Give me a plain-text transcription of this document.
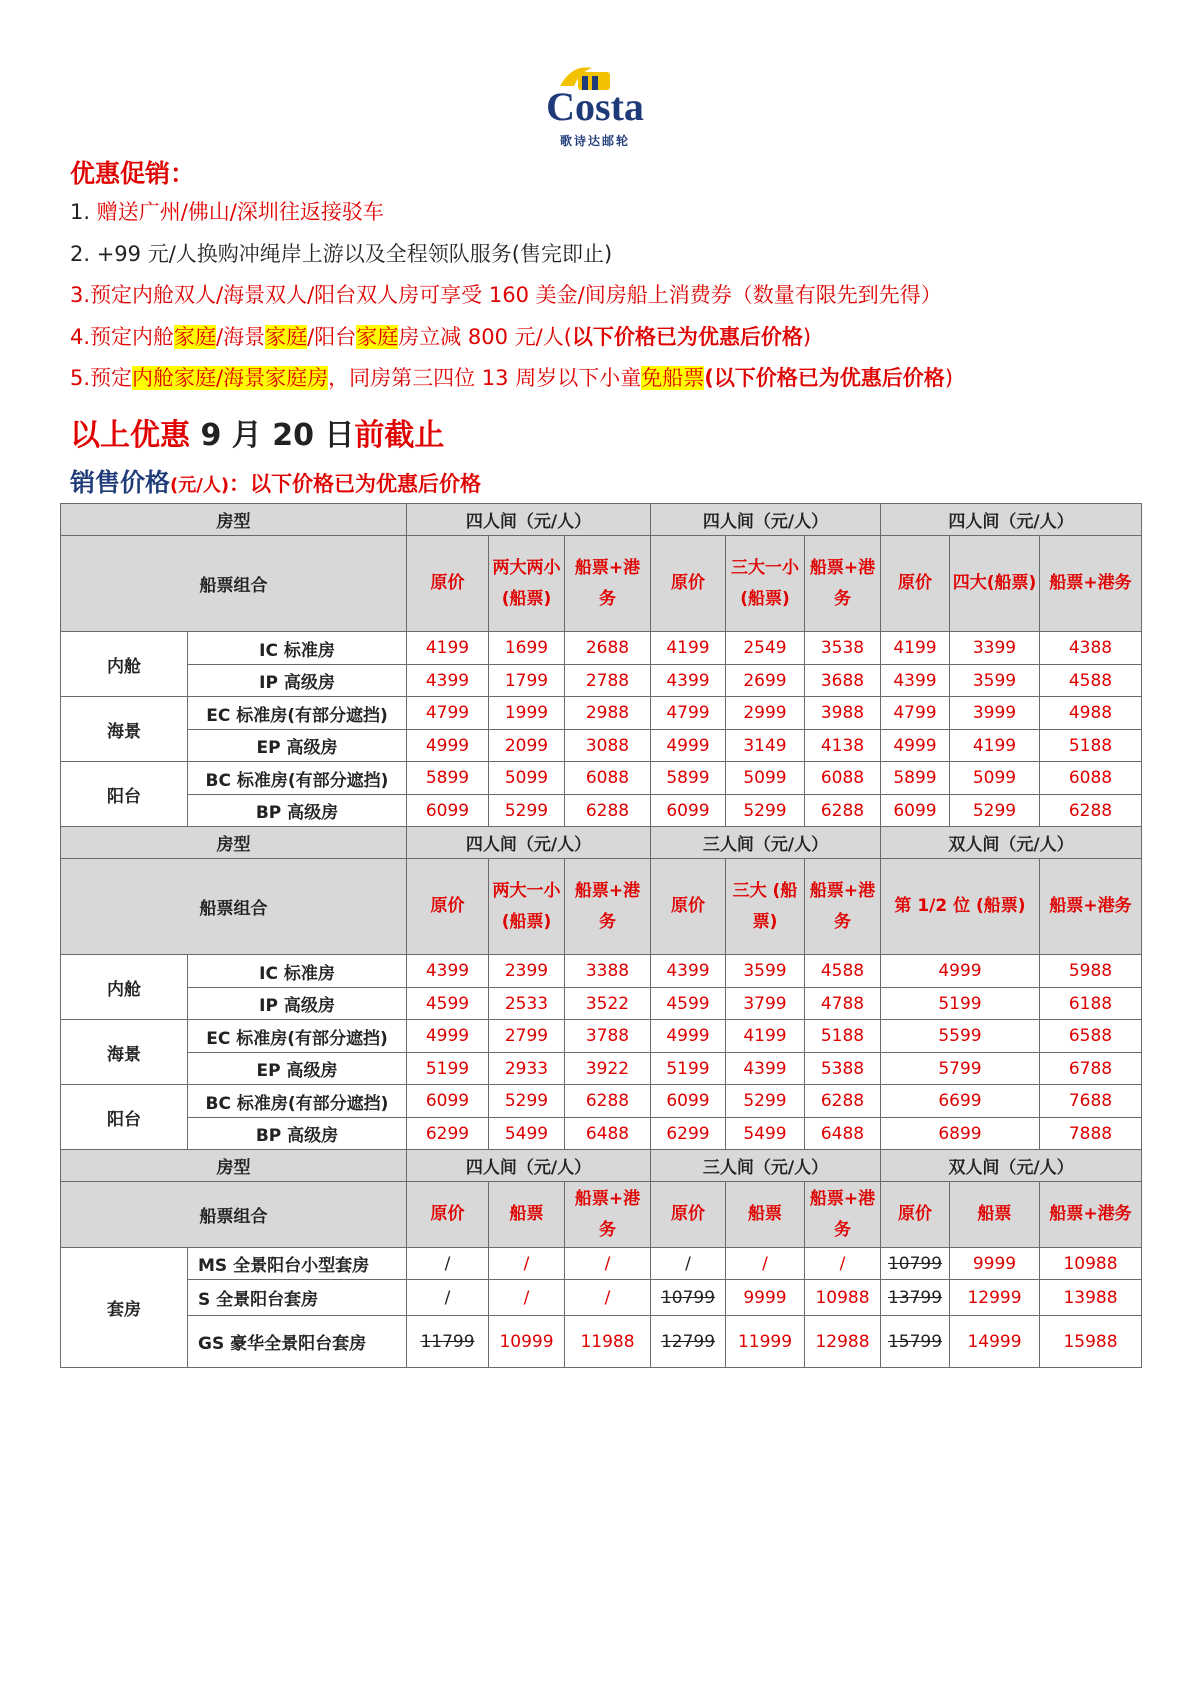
Costa
歌诗达邮轮
优惠促销：
1. 赠送广州/佛山/深圳往返接驳车
2. +99 元/人换购冲绳岸上游以及全程领队服务(售完即止)
3.预定内舱双人/海景双人/阳台双人房可享受 160 美金/间房船上消费券（数量有限先到先得）
4.预定内舱家庭/海景家庭/阳台家庭房立减 800 元/人(以下价格已为优惠后价格)
5.预定内舱家庭/海景家庭房，同房第三四位 13 周岁以下小童免船票(以下价格已为优惠后价格)
以上优惠 9 月 20 日前截止
销售价格(元/人)：以下价格已为优惠后价格
房型		四人间（元/人）			四人间（元/人）			四人间（元/人）		
船票组合		原价	两大两小(船票)	船票+港务	原价	三大一小(船票)	船票+港务	原价	四大(船票)	船票+港务
内舱	IC 标准房	4199	1699	2688	4199	2549	3538	4199	3399	4388
	IP 高级房	4399	1799	2788	4399	2699	3688	4399	3599	4588
海景	EC 标准房(有部分遮挡)	4799	1999	2988	4799	2999	3988	4799	3999	4988
	EP 高级房	4999	2099	3088	4999	3149	4138	4999	4199	5188
阳台	BC 标准房(有部分遮挡)	5899	5099	6088	5899	5099	6088	5899	5099	6088
	BP 高级房	6099	5299	6288	6099	5299	6288	6099	5299	6288
房型		四人间（元/人）			三人间（元/人）			双人间（元/人）		
船票组合		原价	两大一小 (船票)	船票+港务	原价	三大 (船票)	船票+港务	第 1/2 位 (船票)		船票+港务
内舱	IC 标准房	4399	2399	3388	4399	3599	4588	4999		5988
	IP 高级房	4599	2533	3522	4599	3799	4788	5199		6188
海景	EC 标准房(有部分遮挡)	4999	2799	3788	4999	4199	5188	5599		6588
	EP 高级房	5199	2933	3922	5199	4399	5388	5799		6788
阳台	BC 标准房(有部分遮挡)	6099	5299	6288	6099	5299	6288	6699		7688
	BP 高级房	6299	5499	6488	6299	5499	6488	6899		7888
房型		四人间（元/人）			三人间（元/人）			双人间（元/人）		
船票组合		原价	船票	船票+港务	原价	船票	船票+港务	原价	船票	船票+港务
套房	MS 全景阳台小型套房	/	/	/	/	/	/	10799	9999	10988
	S 全景阳台套房	/	/	/	10799	9999	10988	13799	12999	13988
	GS 豪华全景阳台套房	11799	10999	11988	12799	11999	12988	15799	14999	15988
